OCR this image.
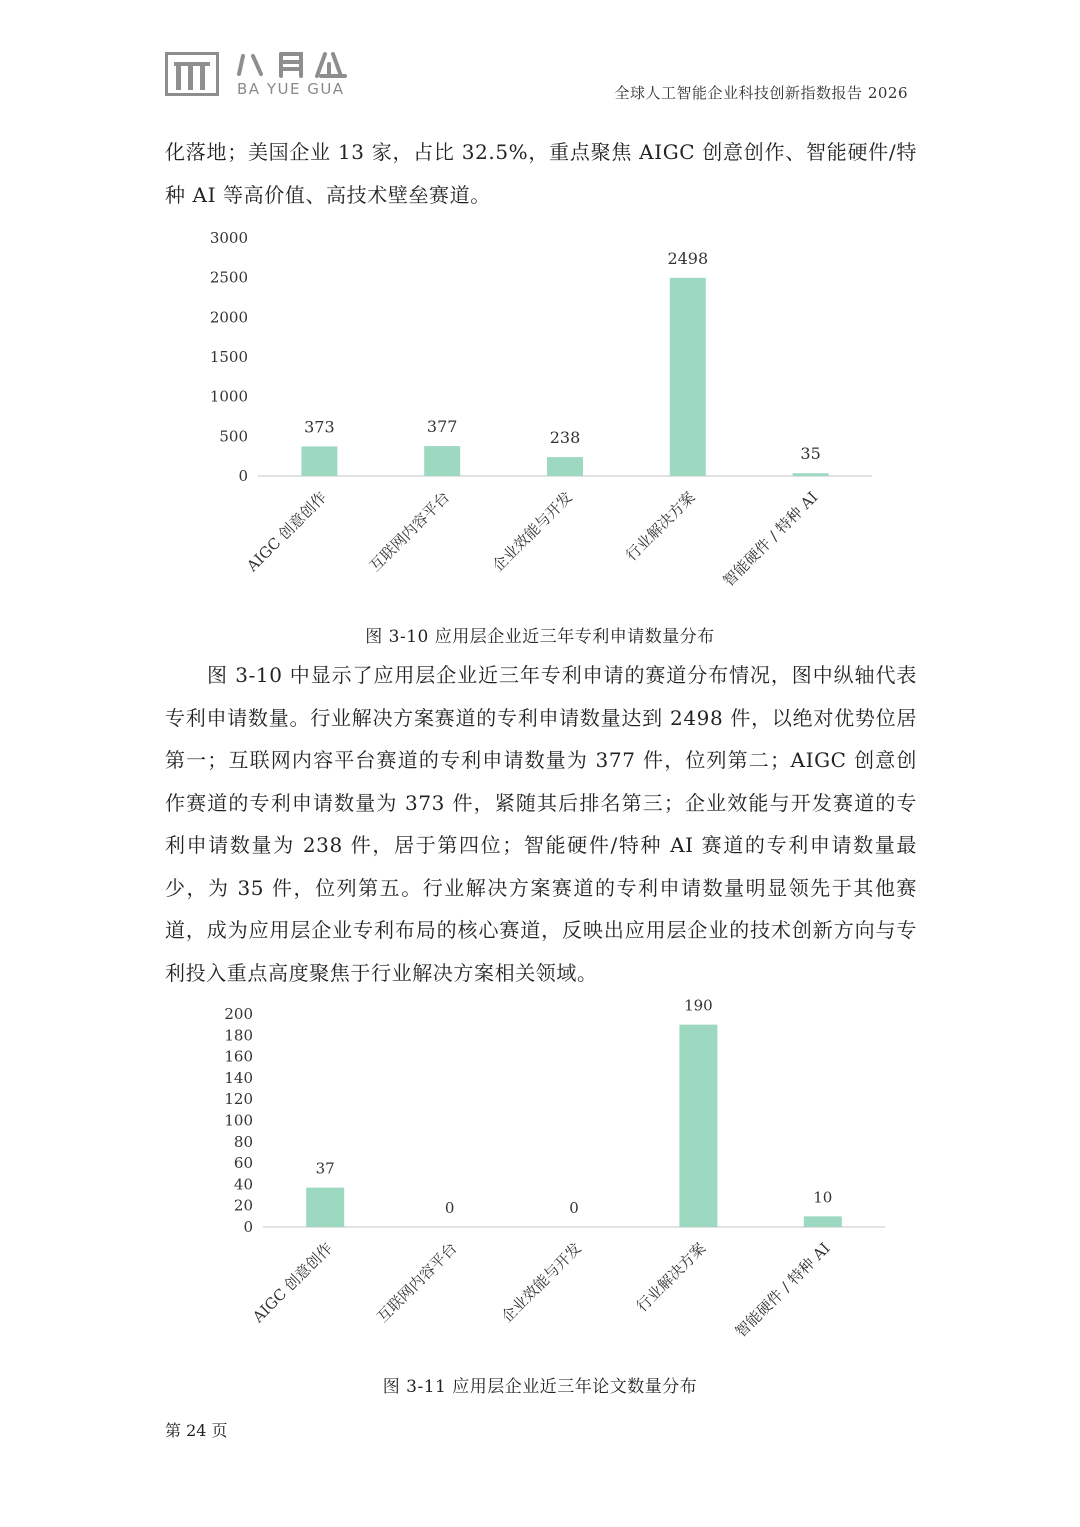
BA YUE GUA	全球人工智能企业科技创新指数报告 2026

化落地；美国企业 13 家，占比 32.5%，重点聚焦 AIGC 创意创作、智能硬件/特种 AI 等高价值、高技术壁垒赛道。

0
500
1000
1500
2000
2500
3000
373
AIGC 创意创作
377
互联网内容平台
238
企业效能与开发
2498
行业解决方案
35
智能硬件 / 特种 AI
图 3-10 应用层企业近三年专利申请数量分布

图 3-10 中显示了应用层企业近三年专利申请的赛道分布情况，图中纵轴代表专利申请数量。行业解决方案赛道的专利申请数量达到 2498 件，以绝对优势位居第一；互联网内容平台赛道的专利申请数量为 377 件，位列第二；AIGC 创意创作赛道的专利申请数量为 373 件，紧随其后排名第三；企业效能与开发赛道的专利申请数量为 238 件，居于第四位；智能硬件/特种 AI 赛道的专利申请数量最少，为 35 件，位列第五。行业解决方案赛道的专利申请数量明显领先于其他赛道，成为应用层企业专利布局的核心赛道，反映出应用层企业的技术创新方向与专利投入重点高度聚焦于行业解决方案相关领域。

0
20
40
60
80
100
120
140
160
180
200
37
AIGC 创意创作
0
互联网内容平台
0
企业效能与开发
190
行业解决方案
10
智能硬件 / 特种 AI
图 3-11 应用层企业近三年论文数量分布
第 24 页
